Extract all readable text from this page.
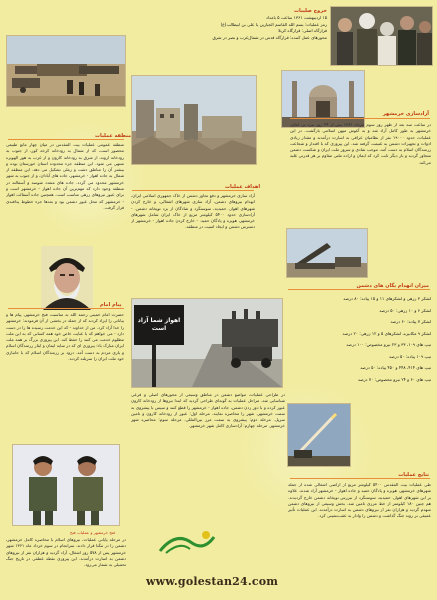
خروج صلیبات
۱۵ اردیبهشت ۱۳۶۱ ساعت ۵ بامداد
رمز عملیات: بسم الله القاسم الجبارین یا علی بن ابیطالب(ع)
قرارگاه اصلی: قرارگاه کربلا
محورهای عمل کننده: قرارگاه قدس در شمال‌غرب و نصر در شرق
منطقه عملیات
منطقه عمومی عملیات بیت المقدس در میان چهار مانع طبیعی محصور است، که از شمال به رودخانه کرخه کور، از جنوب به رودخانه اروند، از شرق به رودخانه کارون و از غرب به هور الهویزه منتهی می شود. این منطقه جزء محدوده استان خوزستان بوده و بیشتر آن را مناطق دشت و رملی تشکیل می دهد. این منطقه از شمال به جاده اهواز - خرمشهر، جاده های آبادان، و از جنوب به شهر خرمشهر محدود می گردد. جاده های متعدد شوسه و آسفالته در منطقه وجود دارد که مهم‌ترین آن جاده اهواز - خرمشهر است و برای عبور نیروهای زرهی مناسب است. همچنین جاده آسفالت اهواز - خرمشهر که محل عبور دشمن بود و بعدها جزء خطوط پدافندی قرار گرفت.
پیام امام
حضرت امام خمینی رحمة الله به مناسبت فتح خرمشهر، پیام ها و بیاناتی را ایراد کردند که از جمله در بخشی از آن فرمودند: خرمشهر را خدا آزاد کرد. من از خداوند - که این خدمت رسیده ها را در دست دارد - می خواهم که با عنایت خاص خود همه کسانی که به این ملت مظلوم خدمت می کنند را حفظ کند. این پیروزی بزرگ بر همه ملت ایران مبارک باد؛ پیروزی ای که در سایه ایمان و ایثار رزمندگان اسلام و یاری مردم به دست آمد. درود بر رزمندگان اسلام که با جانبازی خود ملت ایران را سربلند کردند.
فتح خرمشهر و عملیات فتح
در مرحله پایانی عملیات، نیروهای اسلام با محاصره کامل خرمشهر، دشمن را در تنگنا قرار دادند. سرانجام در سوم خرداد ماه ۱۳۶۱ شهر خرمشهر پس از ۵۷۸ روز اشغال، آزاد گردید و هزاران نفر از نیروهای دشمن به اسارت درآمدند. این پیروزی نقطه عطفی در تاریخ جنگ تحمیلی به شمار می‌رود.
اهداف عملیات
آزاد سازی خرمشهر و دفع تجاوز دشمن از خاک جمهوری اسلامی ایران، انهدام نیروهای دشمن، آزاد سازی شهرهای اشغالی، و خارج کردن شهرهای اهواز، حمیدیه، سوسنگرد و شادگان از برد توپخانه دشمن. - آزادسازی حدود ۵۴۰۰ کیلومتر مربع از خاک ایران شامل شهرهای خرمشهر، هویزه و پادگان حمید. - خارج کردن جاده اهواز - خرمشهر از دسترس دشمن و ایجاد امنیت در منطقه.
اهواز شما آزاد است
در طراحی عملیات، مواضع دشمن در مناطق وسیعی از محورهای اصلی و فرعی شناسایی شد. مراحل عملیات به گونه‌ای طراحی گردید که ابتدا نیروها از رودخانه کارون عبور کرده و با دور زدن دشمن، جاده اهواز - خرمشهر را قطع کنند و سپس با پیشروی به سمت خرمشهر، شهر را محاصره نمایند. مرحله اول: عبور از رودخانه کارون و تامین سرپل. مرحله دوم: پیشروی به سمت مرز بین‌المللی. مرحله سوم: محاصره شهر خرمشهر. مرحله چهارم: آزادسازی کامل شهر خرمشهر.
آزادسازی خرمشهر
در ساعت سه بعد از ظهر روز سوم خرداد ۱۳۶۱ پس از ۲۴ روز نبرد بی امان، خرمشهر به طور کامل آزاد شد و به آغوش میهن اسلامی بازگشت. در این عملیات، حدود ۱۹۰۰۰ نفر از نظامیان عراقی به اسارت درآمدند و مقدار زیادی ادوات و تجهیزات دشمن به غنیمت گرفته شد. این پیروزی که با اقتدار و شجاعت رزمندگان اسلام به دست آمد، موجب شادی و سرور ملت ایران و شکست دشمن متجاوز گردید و بار دیگر ثابت کرد که ایمان و اراده ملتی مقاوم بر هر قدرتی غلبه می‌کند.
میزان انهدام یگان های دشمن
لشکر ۳ زرهی و لشکرهای ۱۱ و ۱۵ پیاده: ۸۰ درصد
لشکر ۶ و ۱۰ زرهی: ۵۰ درصد
لشکر ۷ پیاده: ۶۰ درصد
لشکر ۹ مکانیزه، لشکرهای ۵ و ۱۲ زرهی: ۲۰ درصد
تیپ های ۱۰۹، ۳۳ و ۲۳ نیرو مخصوص: ۱۰۰ درصد
تیپ ۱۰۹ پیاده: ۵۰ درصد
تیپ های ۴۱۴، ۴۴۸ و ۴۵۰ پیاده: ۵۰ درصد
تیپ های ۶۰ و ۲۴ نیرو مخصوص: ۷۰ درصد
نتایج عملیات
طی عملیات بیت المقدس ۵۴۰۰ کیلومتر مربع از اراضی اشغالی شده از جمله شهرهای خرمشهر، هویزه و پادگان حمید و جاده اهواز - خرمشهر آزاد شدند. علاوه بر این شهرهای اهواز، حمیدیه، سوسنگرد از تیررس توپخانه دشمن خارج گردیدند. هم چنین ۱۸۰ کیلومتر از خط مرزی تامین شد. بخش وسیعی از نیروهای دشمن منهدم گردید و هزاران نفر از نیروهای دشمن به اسارت درآمدند. این عملیات تأثیر عمیقی بر روند جنگ گذاشت و دشمن را وادار به عقب‌نشینی کرد.
www.golestan24.com
